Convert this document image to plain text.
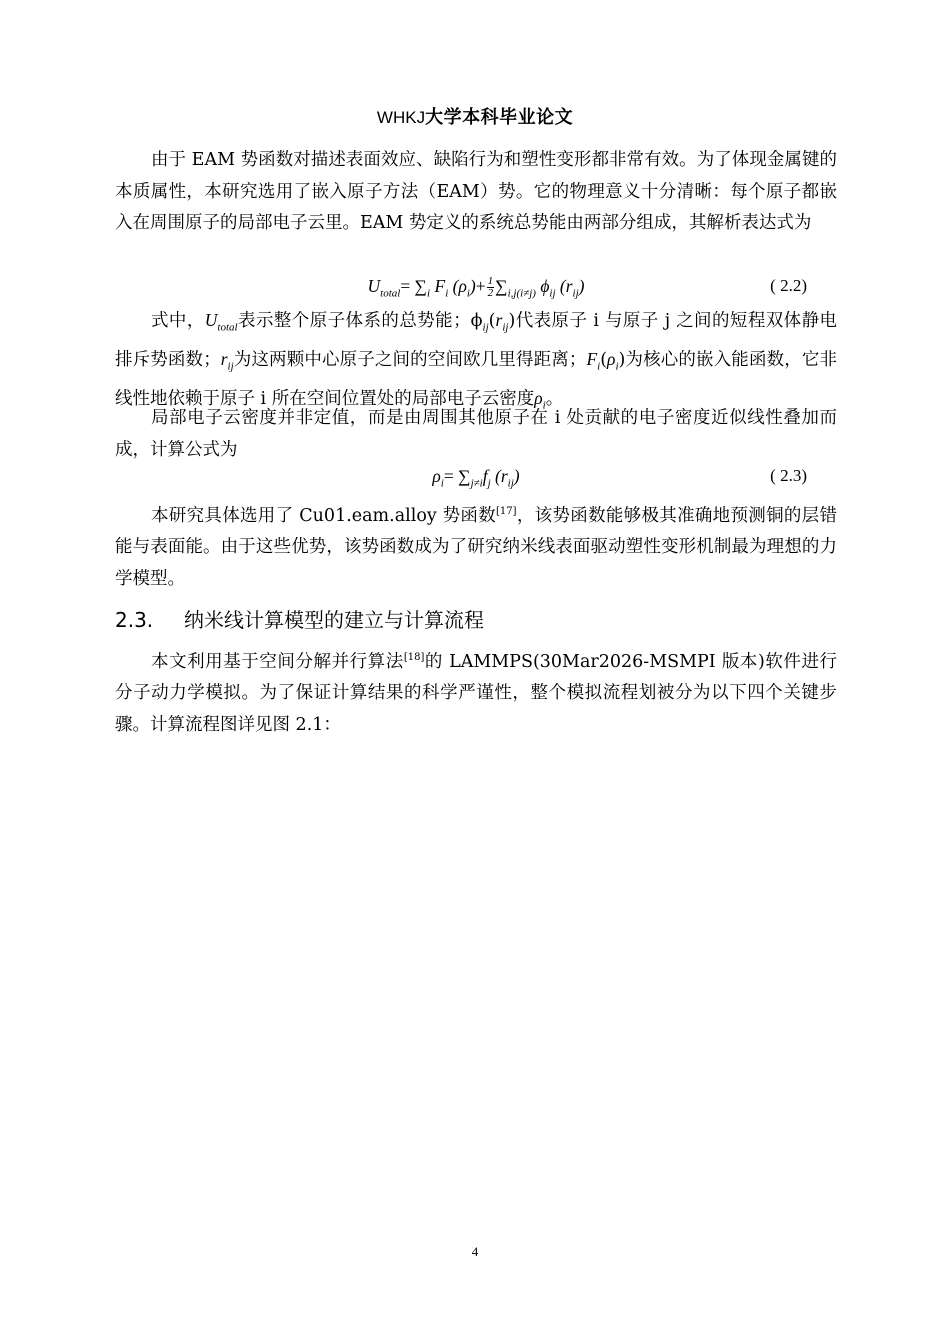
WHKJ大学本科毕业论文

由于 EAM 势函数对描述表面效应、缺陷行为和塑性变形都非常有效。为了体现金属键的本质属性，本研究选用了嵌入原子方法（EAM）势。它的物理意义十分清晰：每个原子都嵌入在周围原子的局部电子云里。EAM 势定义的系统总势能由两部分组成，其解析表达式为

$U_{total}= \sum_i$ $F_i$ $(\rho_i)+ \frac{1}{2} \sum_{i,j(i\ne j)}$ $\phi_{ij}$ $(r_{ij})$	( 2.2)

式中，$U_{total}$表示整个原子体系的总势能；$\phi_{ij}(r_{ij})$代表原子 i 与原子 j 之间的短程双体静电排斥势函数；$r_{ij}$为这两颗中心原子之间的空间欧几里得距离；$F_i(\rho_i)$为核心的嵌入能函数，它非线性地依赖于原子 i 所在空间位置处的局部电子云密度$\rho_i$。

局部电子云密度并非定值，而是由周围其他原子在 i 处贡献的电子密度近似线性叠加而成，计算公式为

$\rho_i= \sum_{j\ne i}f_j$ $(r_{ij})$	( 2.3)

本研究具体选用了 Cu01.eam.alloy 势函数[17]，该势函数能够极其准确地预测铜的层错能与表面能。由于这些优势，该势函数成为了研究纳米线表面驱动塑性变形机制最为理想的力学模型。

2.3. 纳米线计算模型的建立与计算流程

本文利用基于空间分解并行算法[18]的 LAMMPS(30Mar2026-MSMPI 版本)软件进行分子动力学模拟。为了保证计算结果的科学严谨性，整个模拟流程划被分为以下四个关键步骤。计算流程图详见图 2.1：

4
